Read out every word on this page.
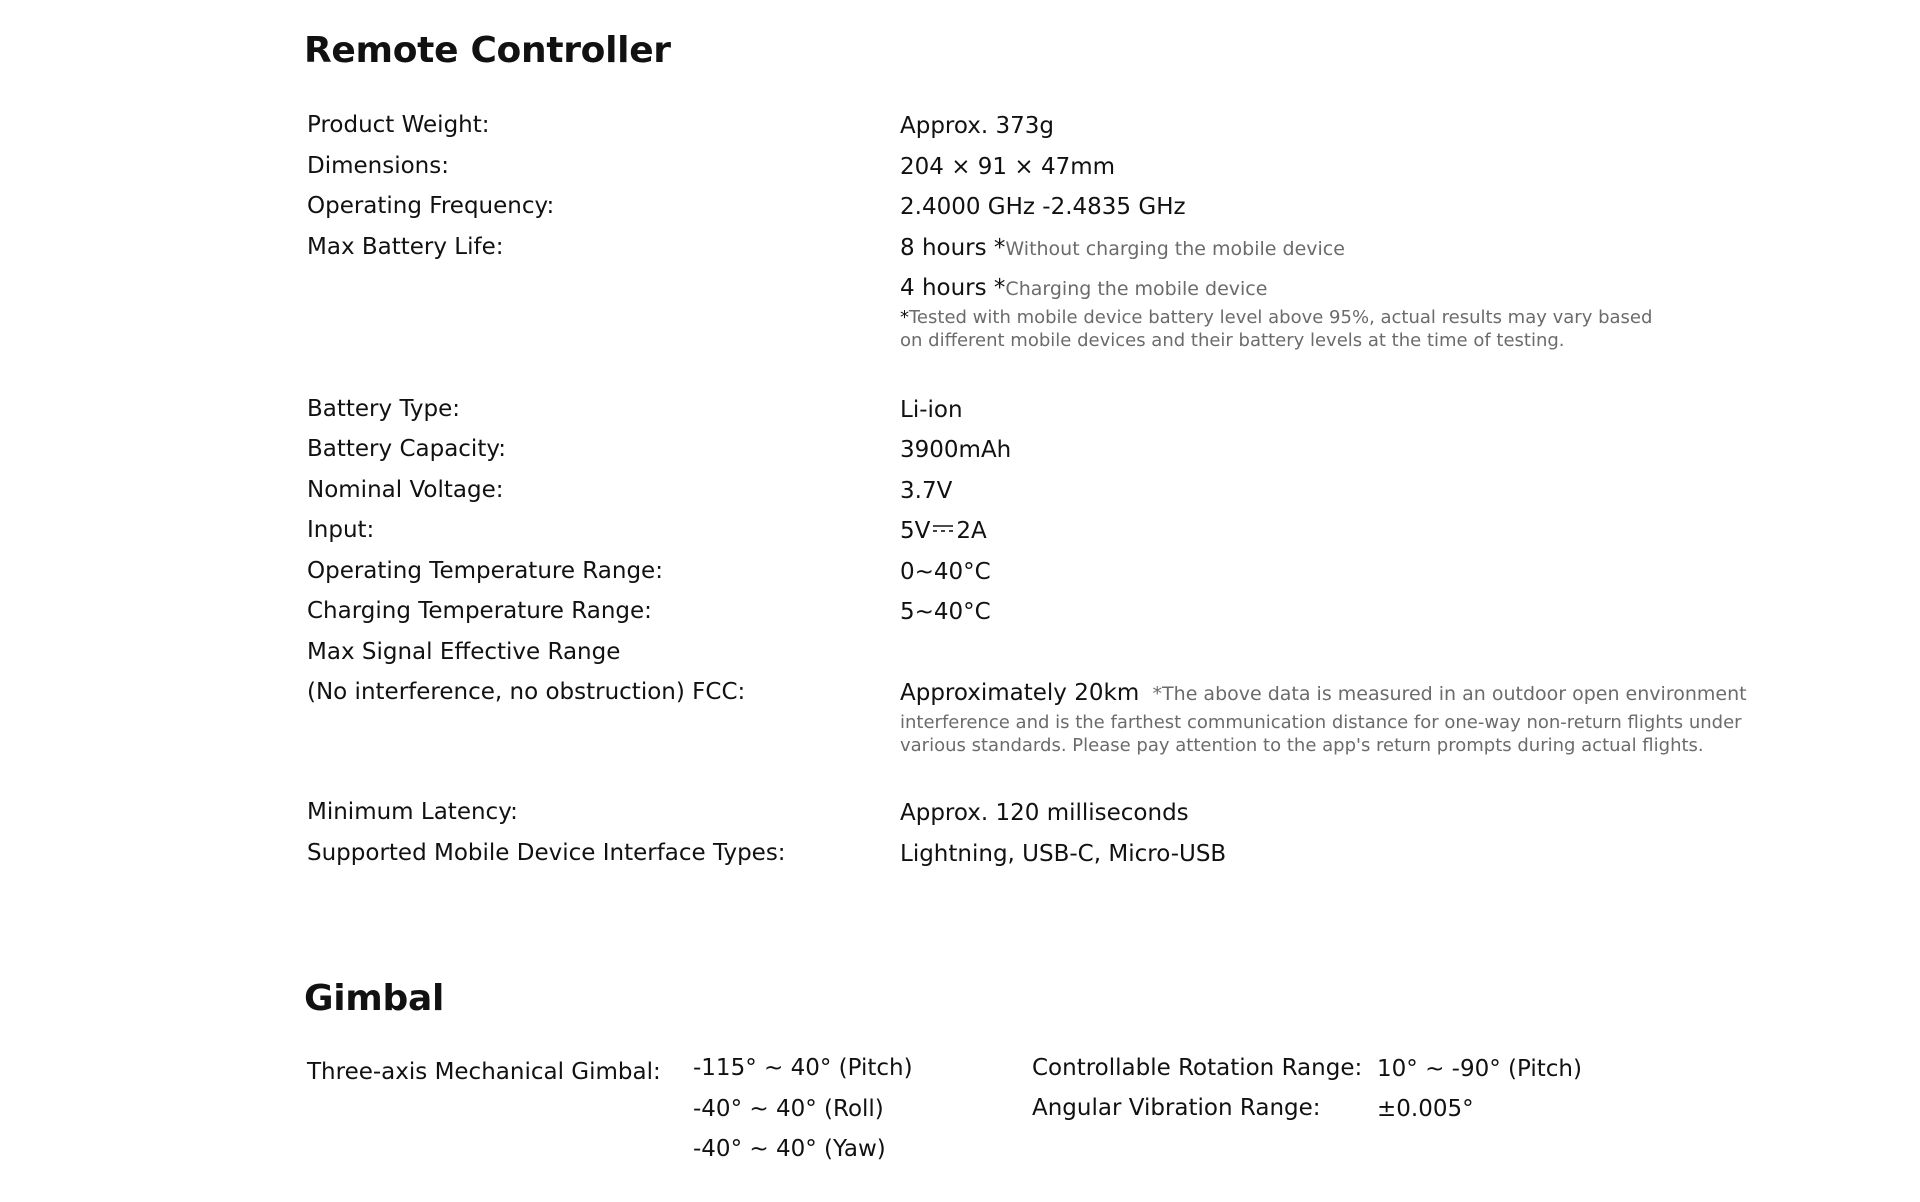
Remote Controller
Product Weight:	Approx. 373g
Dimensions:	204 × 91 × 47mm
Operating Frequency:	2.4000 GHz -2.4835 GHz
Max Battery Life:	8 hours *Without charging the mobile device
4 hours *Charging the mobile device
*Tested with mobile device battery level above 95%, actual results may vary based
on different mobile devices and their battery levels at the time of testing.
Battery Type:	Li-ion
Battery Capacity:	3900mAh
Nominal Voltage:	3.7V
Input:	5V 2A
Operating Temperature Range:	0~40°C
Charging Temperature Range:	5~40°C
Max Signal Effective Range
(No interference, no obstruction) FCC:	Approximately 20km *The above data is measured in an outdoor open environment
interference and is the farthest communication distance for one-way non-return flights under
various standards. Please pay attention to the app's return prompts during actual flights.
Minimum Latency:	Approx. 120 milliseconds
Supported Mobile Device Interface Types:	Lightning, USB-C, Micro-USB
Gimbal
Three-axis Mechanical Gimbal: -115° ~ 40° (Pitch)
-40° ~ 40° (Roll)
-40° ~ 40° (Yaw)
Controllable Rotation Range: 10° ~ -90° (Pitch)
Angular Vibration Range: ±0.005°
